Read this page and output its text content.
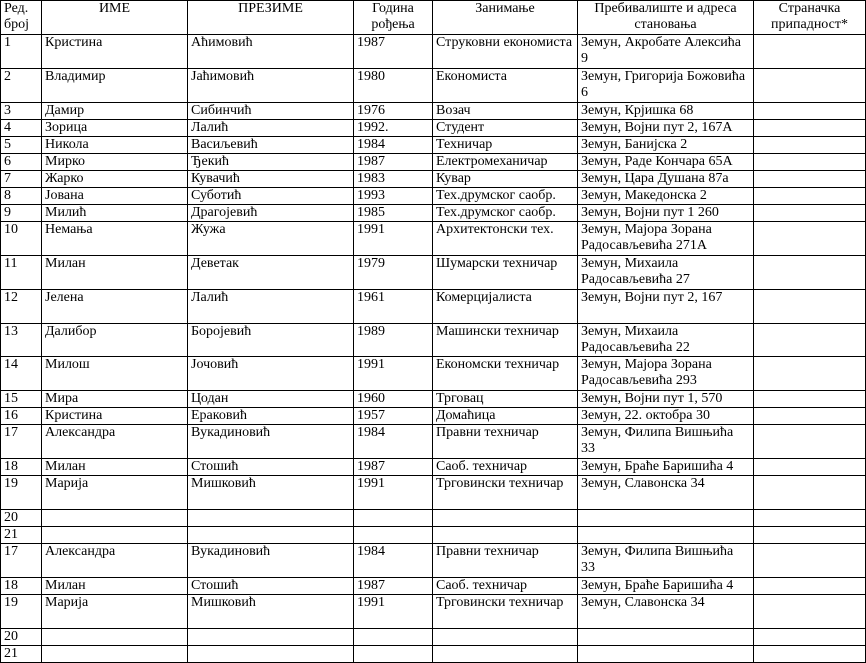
Ред. број	ИМЕ	ПРЕЗИМЕ	Година рођења	Занимање	Пребивалиште и адреса становања	Страначка припадност*
1	Кристина	Аћимовић	1987	Струковни економиста	Земун, Акробате Алексића 9	
2	Владимир	Јаћимовић	1980	Економиста	Земун, Григорија Божовића 6	
3	Дамир	Сибинчић	1976	Возач	Земун, Крјишка 68	
4	Зорица	Лалић	1992.	Студент	Земун, Војни пут 2, 167А	
5	Никола	Васиљевић	1984	Техничар	Земун, Банијска 2	
6	Мирко	Ђекић	1987	Електромеханичар	Земун, Раде Кончара 65А	
7	Жарко	Кувачић	1983	Кувар	Земун, Цара Душана 87а	
8	Јована	Суботић	1993	Тех.друмског саобр.	Земун, Македонска 2	
9	Милић	Драгојевић	1985	Тех.друмског саобр.	Земун, Војни пут 1 260	
10	Немања	Жужа	1991	Архитектонски тех.	Земун, Мајора Зорана Радосављевића 271А	
11	Милан	Деветак	1979	Шумарски техничар	Земун, Михаила Радосављевића 27	
12	Јелена	Лалић	1961	Комерцијалиста	Земун, Војни пут 2, 167	
13	Далибор	Боројевић	1989	Машински техничар	Земун, Михаила Радосављевића 22	
14	Милош	Јочовић	1991	Економски техничар	Земун, Мајора Зорана Радосављевића 293	
15	Мира	Цодан	1960	Трговац	Земун, Војни пут 1, 570	
16	Кристина	Ераковић	1957	Домаћица	Земун, 22. октобра 30	
17	Александра	Вукадиновић	1984	Правни техничар	Земун, Филипа Вишњића 33	
18	Милан	Стошић	1987	Сaоб. техничар	Земун, Браће Баришића 4	
19	Марија	Мишковић	1991	Трговински техничар	Земун, Славонска 34	
20						
21						
17	Александра	Вукадиновић	1984	Правни техничар	Земун, Филипа Вишњића 33	
18	Милан	Стошић	1987	Сaоб. техничар	Земун, Браће Баришића 4	
19	Марија	Мишковић	1991	Трговински техничар	Земун, Славонска 34	
20						
21						
